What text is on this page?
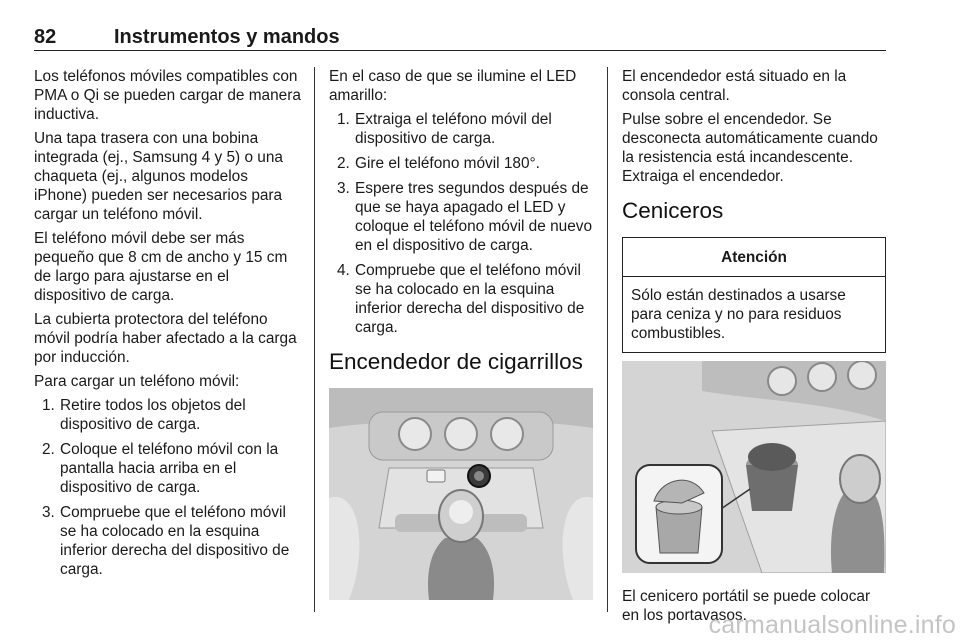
82	Instrumentos y mandos

Los teléfonos móviles compatibles con PMA o Qi se pueden cargar de manera inductiva.

Una tapa trasera con una bobina integrada (ej., Samsung 4 y 5) o una chaqueta (ej., algunos modelos iPhone) pueden ser necesarios para cargar un teléfono móvil.

El teléfono móvil debe ser más pequeño que 8 cm de ancho y 15 cm de largo para ajustarse en el dispositivo de carga.

La cubierta protectora del teléfono móvil podría haber afectado a la carga por inducción.

Para cargar un teléfono móvil:

1. Retire todos los objetos del dispositivo de carga.
2. Coloque el teléfono móvil con la pantalla hacia arriba en el dispositivo de carga.
3. Compruebe que el teléfono móvil se ha colocado en la esquina inferior derecha del dispositivo de carga.

En el caso de que se ilumine el LED amarillo:

1. Extraiga el teléfono móvil del dispositivo de carga.
2. Gire el teléfono móvil 180°.
3. Espere tres segundos después de que se haya apagado el LED y coloque el teléfono móvil de nuevo en el dispositivo de carga.
4. Compruebe que el teléfono móvil se ha colocado en la esquina inferior derecha del dispositivo de carga.
Encendedor de cigarrillos

El encendedor está situado en la consola central.

Pulse sobre el encendedor. Se desconecta automáticamente cuando la resistencia está incandescente. Extraiga el encendedor.

Ceniceros
Atención
Sólo están destinados a usarse para ceniza y no para residuos combustibles.

El cenicero portátil se puede colocar en los portavasos.

carmanualsonline.info
